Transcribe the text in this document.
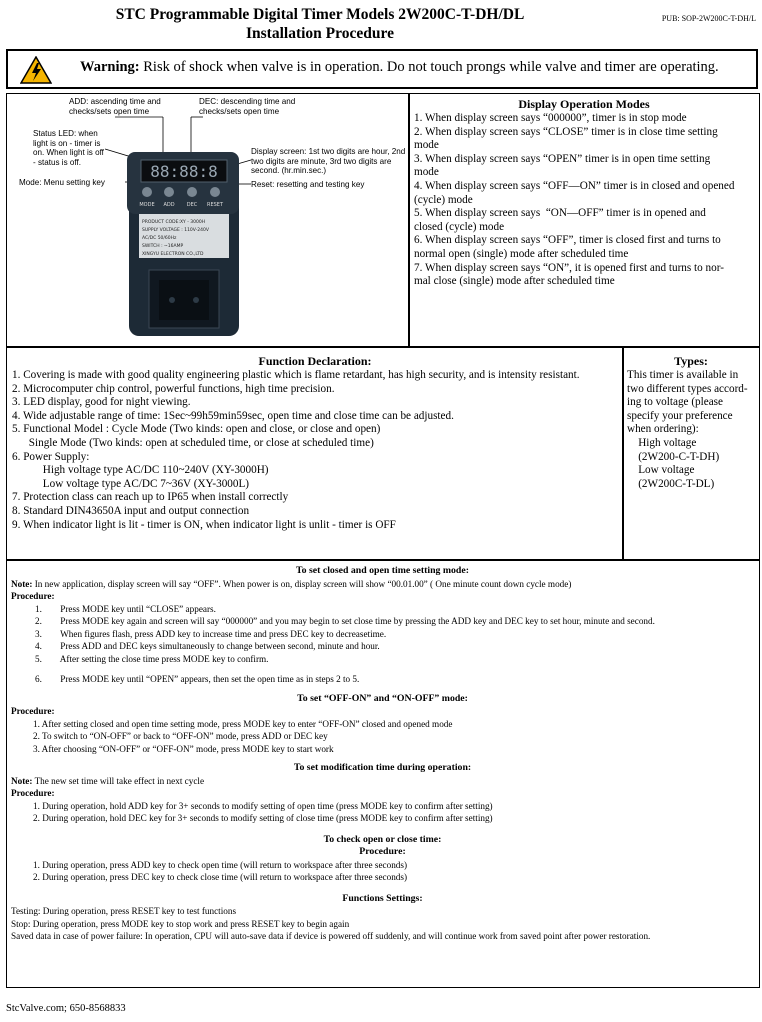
STC Programmable Digital Timer Models 2W200C-T-DH/DL
Installation Procedure
PUB: SOP-2W200C-T-DH/L
Warning: Risk of shock when valve is in operation. Do not touch prongs while valve and timer are operating.
ADD: ascending time and checks/sets open time
DEC: descending time and checks/sets open time
Status LED: when light is on - timer is on. When light is off - status is off.
Display screen: 1st two digits are hour, 2nd two digits are minute, 3rd two digits are second. (hr.min.sec.)
Mode: Menu setting key	Reset: resetting and testing key
88:88:8
MODE ADD DEC RESET
PRODUCT CODE:XY - 3000H
SUPPLY VOLTAGE : 110V-240V
AC/DC 50/60Hz
SWITCH : ~16AMP
XINGYU ELECTRON CO.,LTD
Display Operation Modes
1. When display screen says “000000”, timer is in stop mode
2. When display screen says “CLOSE” timer is in close time setting
mode
3. When display screen says “OPEN” timer is in open time setting
mode
4. When display screen says “OFF—ON” timer is in closed and opened
(cycle) mode
5. When display screen says  “ON—OFF” timer is in opened and
closed (cycle) mode
6. When display screen says “OFF”, timer is closed first and turns to
normal open (single) mode after scheduled time
7. When display screen says “ON”, it is opened first and turns to nor-
mal close (single) mode after scheduled time
Function Declaration:
1. Covering is made with good quality engineering plastic which is flame retardant, has high security, and is intensity resistant.
2. Microcomputer chip control, powerful functions, high time precision.
3. LED display, good for night viewing.
4. Wide adjustable range of time: 1Sec~99h59min59sec, open time and close time can be adjusted.
5. Functional Model : Cycle Mode (Two kinds: open and close, or close and open)
Single Mode (Two kinds: open at scheduled time, or close at scheduled time)
6. Power Supply:
High voltage type AC/DC 110~240V (XY-3000H)
Low voltage type AC/DC 7~36V (XY-3000L)
7. Protection class can reach up to IP65 when install correctly
8. Standard DIN43650A input and output connection
9. When indicator light is lit - timer is ON, when indicator light is unlit - timer is OFF
Types:
This timer is available in
two different types accord-
ing to voltage (please
specify your preference
when ordering):
High voltage
(2W200-C-T-DH)
Low voltage
(2W200C-T-DL)
To set closed and open time setting mode:
Note: In new application, display screen will say “OFF”. When power is on, display screen will show “00.01.00” ( One minute count down cycle mode)
Procedure:
1.        Press MODE key until “CLOSE” appears.
2.        Press MODE key again and screen will say “000000” and you may begin to set close time by pressing the ADD key and DEC key to set hour, minute and second.
3.        When figures flash, press ADD key to increase time and press DEC key to decreasetime.
4.        Press ADD and DEC keys simultaneously to change between second, minute and hour.
5.        After setting the close time press MODE key to confirm.
6.        Press MODE key until “OPEN” appears, then set the open time as in steps 2 to 5.
To set “OFF-ON” and “ON-OFF” mode:
Procedure:
1. After setting closed and open time setting mode, press MODE key to enter “OFF-ON” closed and opened mode
2. To switch to “ON-OFF” or back to “OFF-ON” mode, press ADD or DEC key
3. After choosing “ON-OFF” or “OFF-ON” mode, press MODE key to start work
To set modification time during operation:
Note: The new set time will take effect in next cycle
Procedure:
1. During operation, hold ADD key for 3+ seconds to modify setting of open time (press MODE key to confirm after setting)
2. During operation, hold DEC key for 3+ seconds to modify setting of close time (press MODE key to confirm after setting)
To check open or close time:
Procedure:
1. During operation, press ADD key to check open time (will return to workspace after three seconds)
2. During operation, press DEC key to check close time (will return to workspace after three seconds)
Functions Settings:
Testing: During operation, press RESET key to test functions
Stop: During operation, press MODE key to stop work and press RESET key to begin again
Saved data in case of power failure: In operation, CPU will auto-save data if device is powered off suddenly, and will continue work from saved point after power restoration.
StcValve.com; 650-8568833
